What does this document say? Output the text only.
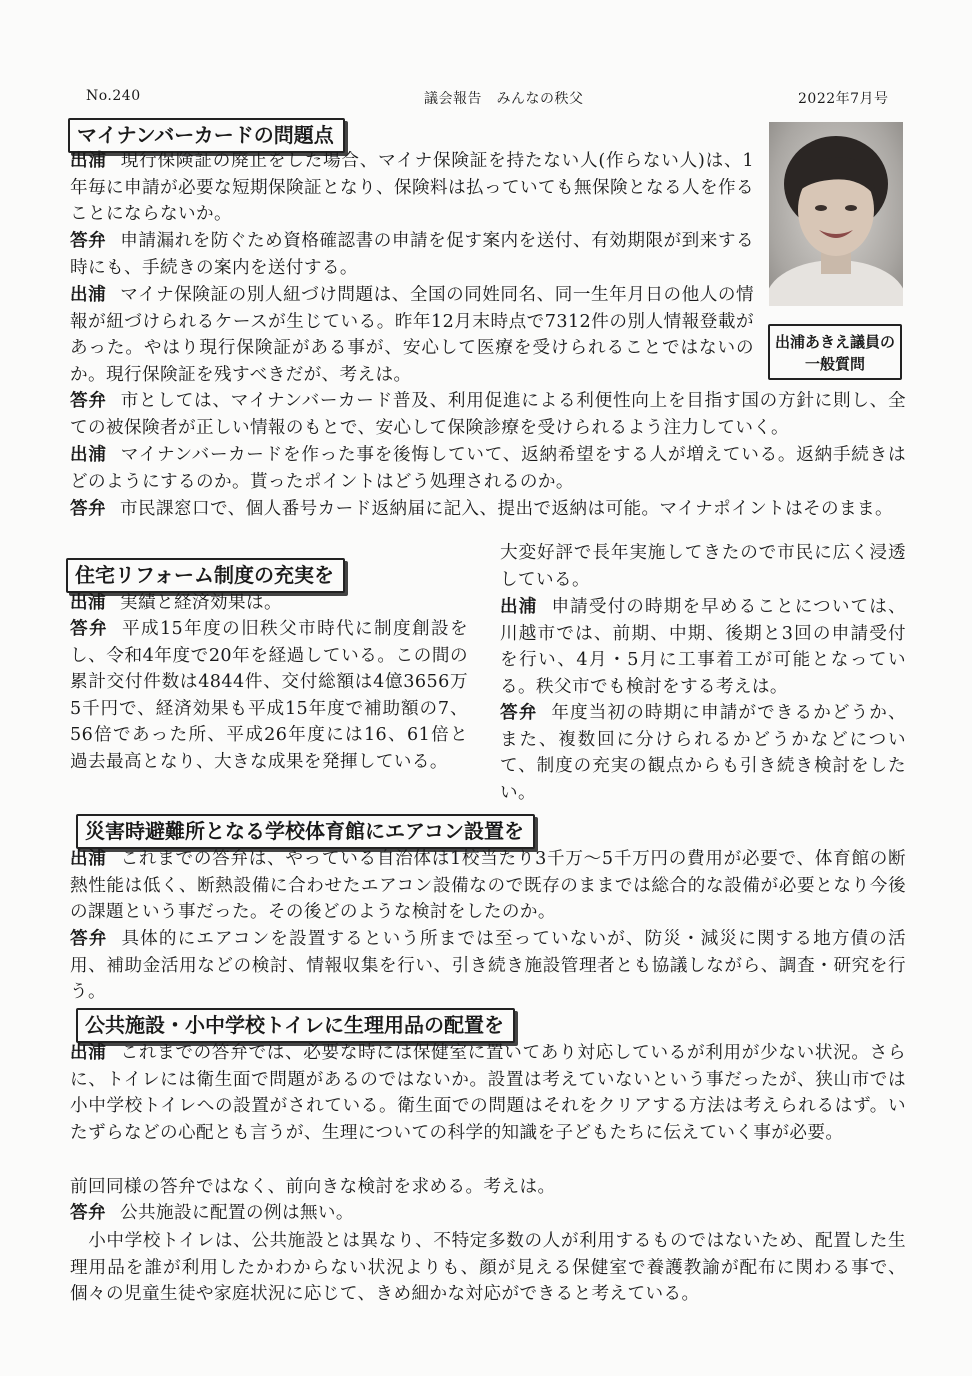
No.240	議会報告　みんなの秩父	2022年7月号
出浦あきえ議員の
一般質問
マイナンバーカードの問題点

出浦 現行保険証の廃止をした場合、マイナ保険証を持たない人(作らない人)は、1年毎に申請が必要な短期保険証となり、保険料は払っていても無保険となる人を作ることにならないか。

答弁 申請漏れを防ぐため資格確認書の申請を促す案内を送付、有効期限が到来する時にも、手続きの案内を送付する。

出浦 マイナ保険証の別人紐づけ問題は、全国の同姓同名、同一生年月日の他人の情報が紐づけられるケースが生じている。昨年12月末時点で7312件の別人情報登載があった。やはり現行保険証がある事が、安心して医療を受けられることではないのか。現行保険証を残すべきだが、考えは。

答弁 市としては、マイナンバーカード普及、利用促進による利便性向上を目指す国の方針に則し、全ての被保険者が正しい情報のもとで、安心して保険診療を受けられるよう注力していく。

出浦 マイナンバーカードを作った事を後悔していて、返納希望をする人が増えている。返納手続きはどのようにするのか。貰ったポイントはどう処理されるのか。

答弁 市民課窓口で、個人番号カード返納届に記入、提出で返納は可能。マイナポイントはそのまま。

住宅リフォーム制度の充実を

出浦 実績と経済効果は。

答弁 平成15年度の旧秩父市時代に制度創設をし、令和4年度で20年を経過している。この間の累計交付件数は4844件、交付総額は4億3656万5千円で、経済効果も平成15年度で補助額の7、56倍であった所、平成26年度には16、61倍と過去最高となり、大きな成果を発揮している。

大変好評で長年実施してきたので市民に広く浸透している。

出浦 申請受付の時期を早めることについては、川越市では、前期、中期、後期と3回の申請受付を行い、4月・5月に工事着工が可能となっている。秩父市でも検討をする考えは。

答弁 年度当初の時期に申請ができるかどうか、また、複数回に分けられるかどうかなどについて、制度の充実の観点からも引き続き検討をしたい。

災害時避難所となる学校体育館にエアコン設置を

出浦 これまでの答弁は、やっている自治体は1校当たり3千万～5千万円の費用が必要で、体育館の断熱性能は低く、断熱設備に合わせたエアコン設備なので既存のままでは総合的な設備が必要となり今後の課題という事だった。その後どのような検討をしたのか。

答弁 具体的にエアコンを設置するという所までは至っていないが、防災・減災に関する地方債の活用、補助金活用などの検討、情報収集を行い、引き続き施設管理者とも協議しながら、調査・研究を行う。

公共施設・小中学校トイレに生理用品の配置を

出浦 これまでの答弁では、必要な時には保健室に置いてあり対応しているが利用が少ない状況。さらに、トイレには衛生面で問題があるのではないか。設置は考えていないという事だったが、狭山市では小中学校トイレへの設置がされている。衛生面での問題はそれをクリアする方法は考えられるはず。いたずらなどの心配とも言うが、生理についての科学的知識を子どもたちに伝えていく事が必要。

前回同様の答弁ではなく、前向きな検討を求める。考えは。

答弁 公共施設に配置の例は無い。

　小中学校トイレは、公共施設とは異なり、不特定多数の人が利用するものではないため、配置した生理用品を誰が利用したかわからない状況よりも、顔が見える保健室で養護教諭が配布に関わる事で、個々の児童生徒や家庭状況に応じて、きめ細かな対応ができると考えている。
